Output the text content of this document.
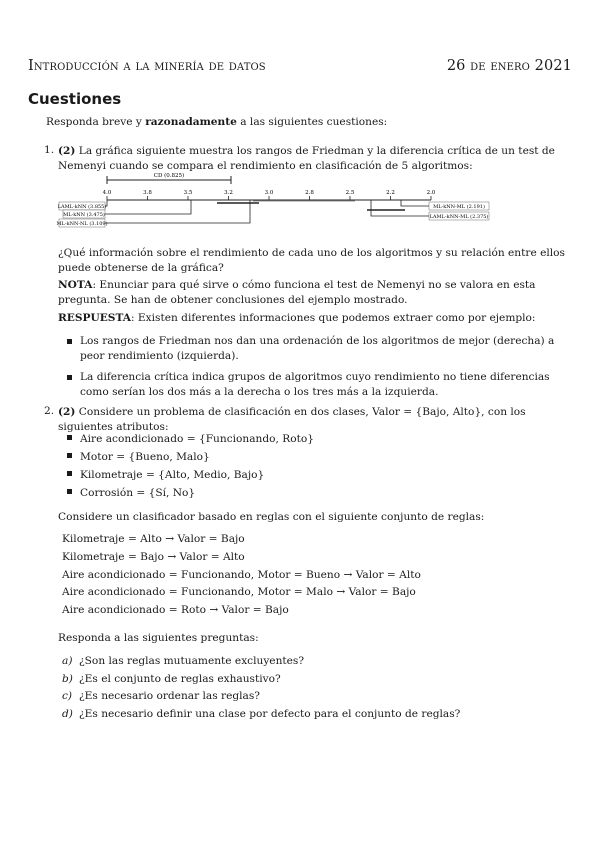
Introducción a la minería de datos	26 de enero 2021
Cuestiones
Responda breve y razonadamente a las siguientes cuestiones:
1. (2) La gráfica siguiente muestra los rangos de Friedman y la diferencia crítica de un test de Nemenyi cuando se compara el rendimiento en clasificación de 5 algoritmos:
CD (0.825)
4.0	3.8	3.5	3.2	3.0	2.8	2.5	2.2	2.0
LAML-kNN (3.855)
ML-kNN (3.475)
ML-kNN-NL (3.109)
ML-kNN-ML (2.191)
LAML-kNN-ML (2.375)
¿Qué información sobre el rendimiento de cada uno de los algoritmos y su relación entre ellos puede obtenerse de la gráfica?
NOTA: Enunciar para qué sirve o cómo funciona el test de Nemenyi no se valora en esta pregunta. Se han de obtener conclusiones del ejemplo mostrado.
RESPUESTA: Existen diferentes informaciones que podemos extraer como por ejemplo:
Los rangos de Friedman nos dan una ordenación de los algoritmos de mejor (derecha) a peor rendimiento (izquierda).
La diferencia crítica indica grupos de algoritmos cuyo rendimiento no tiene diferencias como serían los dos más a la derecha o los tres más a la izquierda.
2. (2) Considere un problema de clasificación en dos clases, Valor = {Bajo, Alto}, con los siguientes atributos:
Aire acondicionado = {Funcionando, Roto}
Motor = {Bueno, Malo}
Kilometraje = {Alto, Medio, Bajo}
Corrosión = {Sí, No}
Considere un clasificador basado en reglas con el siguiente conjunto de reglas:
Kilometraje = Alto → Valor = Bajo
Kilometraje = Bajo → Valor = Alto
Aire acondicionado = Funcionando, Motor = Bueno → Valor = Alto
Aire acondicionado = Funcionando, Motor = Malo → Valor = Bajo
Aire acondicionado = Roto → Valor = Bajo
Responda a las siguientes preguntas:
a) ¿Son las reglas mutuamente excluyentes?
b) ¿Es el conjunto de reglas exhaustivo?
c) ¿Es necesario ordenar las reglas?
d) ¿Es necesario definir una clase por defecto para el conjunto de reglas?
